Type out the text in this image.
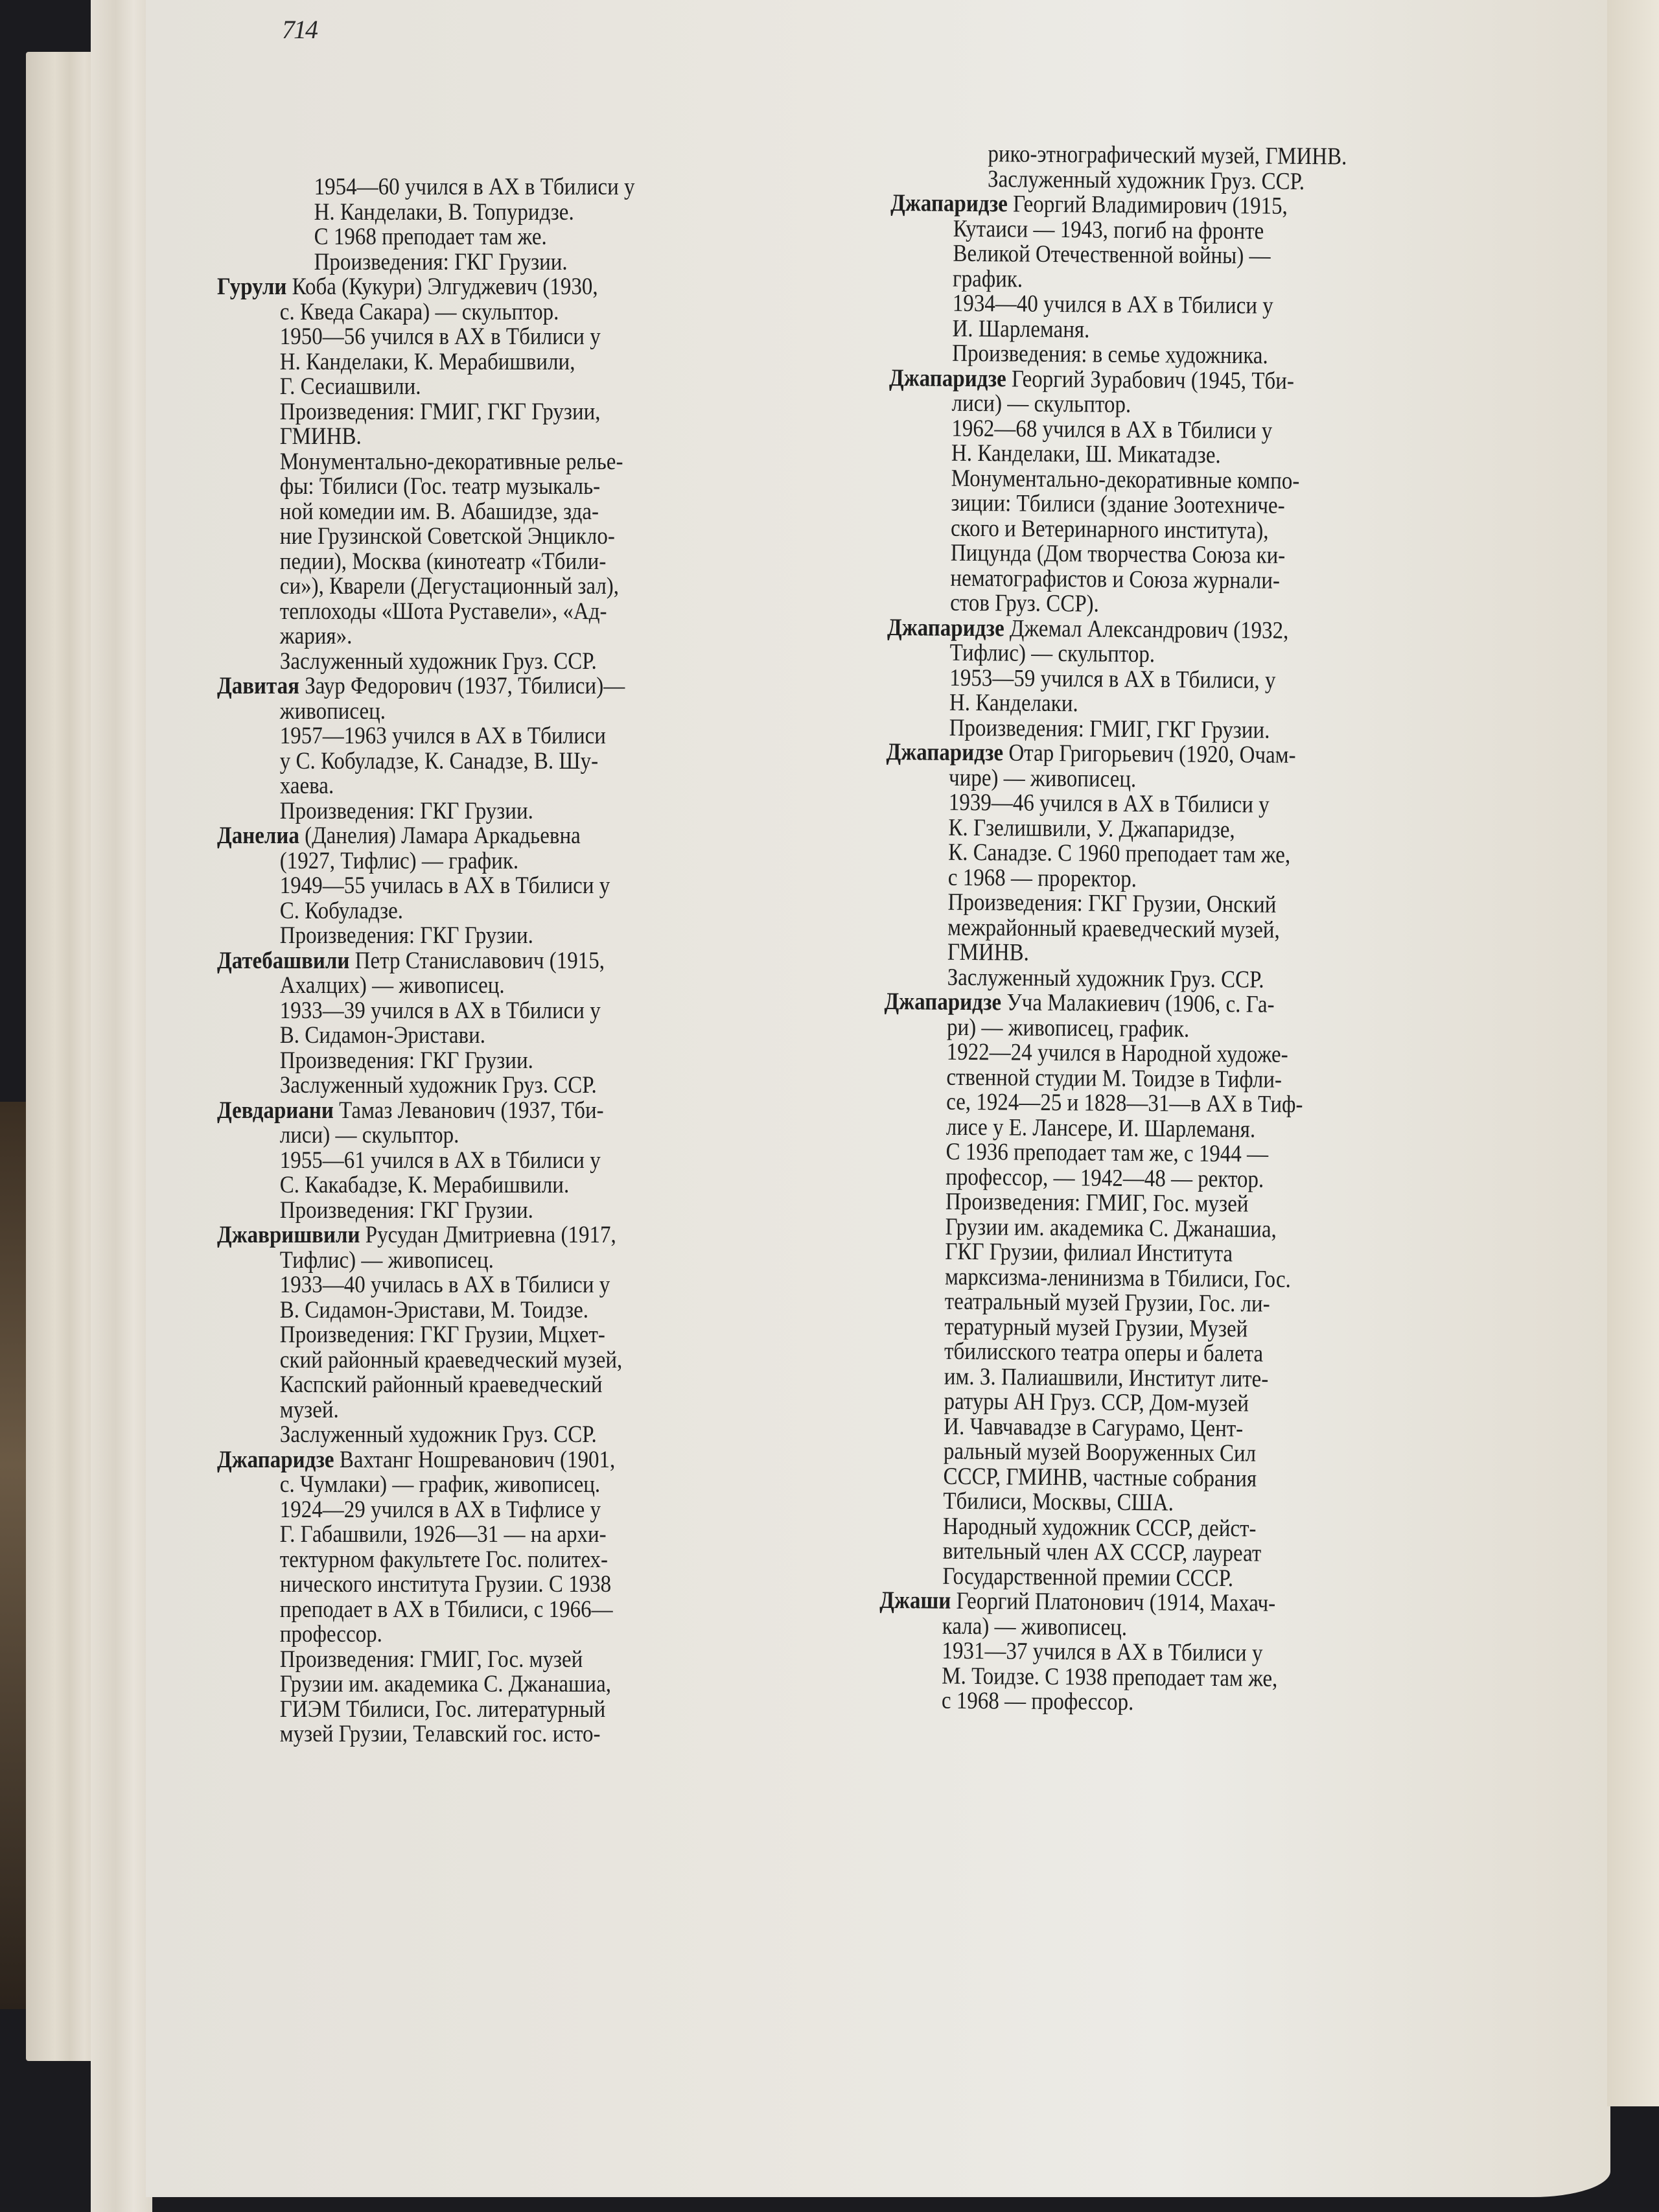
714
1954—60 учился в АХ в Тбилиси у
Н. Канделаки, В. Топуридзе.
С 1968 преподает там же.
Произведения: ГКГ Грузии.
Гурули Коба (Кукури) Элгуджевич (1930,
с. Кведа Сакара) — скульптор.
1950—56 учился в АХ в Тбилиси у
Н. Канделаки, К. Мерабишвили,
Г. Сесиашвили.
Произведения: ГМИГ, ГКГ Грузии,
ГМИНВ.
Монументально-декоративные релье-
фы: Тбилиси (Гос. театр музыкаль-
ной комедии им. В. Абашидзе, зда-
ние Грузинской Советской Энцикло-
педии), Москва (кинотеатр «Тбили-
си»), Кварели (Дегустационный зал),
теплоходы «Шота Руставели», «Ад-
жария».
Заслуженный художник Груз. ССР.
Давитая Заур Федорович (1937, Тбилиси)—
живописец.
1957—1963 учился в АХ в Тбилиси
у С. Кобуладзе, К. Санадзе, В. Шу-
хаева.
Произведения: ГКГ Грузии.
Данелиа (Данелия) Ламара Аркадьевна
(1927, Тифлис) — график.
1949—55 училась в АХ в Тбилиси у
С. Кобуладзе.
Произведения: ГКГ Грузии.
Датебашвили Петр Станиславович (1915,
Ахалцих) — живописец.
1933—39 учился в АХ в Тбилиси у
В. Сидамон-Эристави.
Произведения: ГКГ Грузии.
Заслуженный художник Груз. ССР.
Девдариани Тамаз Леванович (1937, Тби-
лиси) — скульптор.
1955—61 учился в АХ в Тбилиси у
С. Какабадзе, К. Мерабишвили.
Произведения: ГКГ Грузии.
Джавришвили Русудан Дмитриевна (1917,
Тифлис) — живописец.
1933—40 училась в АХ в Тбилиси у
В. Сидамон-Эристави, М. Тоидзе.
Произведения: ГКГ Грузии, Мцхет-
ский районный краеведческий музей,
Каспский районный краеведческий
музей.
Заслуженный художник Груз. ССР.
Джапаридзе Вахтанг Ношреванович (1901,
с. Чумлаки) — график, живописец.
1924—29 учился в АХ в Тифлисе у
Г. Габашвили, 1926—31 — на архи-
тектурном факультете Гос. политех-
нического института Грузии. С 1938
преподает в АХ в Тбилиси, с 1966—
профессор.
Произведения: ГМИГ, Гос. музей
Грузии им. академика С. Джанашиа,
ГИЭМ Тбилиси, Гос. литературный
музей Грузии, Телавский гос. исто-
рико-этнографический музей, ГМИНВ.
Заслуженный художник Груз. ССР.
Джапаридзе Георгий Владимирович (1915,
Кутаиси — 1943, погиб на фронте
Великой Отечественной войны) —
график.
1934—40 учился в АХ в Тбилиси у
И. Шарлеманя.
Произведения: в семье художника.
Джапаридзе Георгий Зурабович (1945, Тби-
лиси) — скульптор.
1962—68 учился в АХ в Тбилиси у
Н. Канделаки, Ш. Микатадзе.
Монументально-декоративные компо-
зиции: Тбилиси (здание Зоотехниче-
ского и Ветеринарного института),
Пицунда (Дом творчества Союза ки-
нематографистов и Союза журнали-
стов Груз. ССР).
Джапаридзе Джемал Александрович (1932,
Тифлис) — скульптор.
1953—59 учился в АХ в Тбилиси, у
Н. Канделаки.
Произведения: ГМИГ, ГКГ Грузии.
Джапаридзе Отар Григорьевич (1920, Очам-
чире) — живописец.
1939—46 учился в АХ в Тбилиси у
К. Гзелишвили, У. Джапаридзе,
К. Санадзе. С 1960 преподает там же,
с 1968 — проректор.
Произведения: ГКГ Грузии, Онский
межрайонный краеведческий музей,
ГМИНВ.
Заслуженный художник Груз. ССР.
Джапаридзе Уча Малакиевич (1906, с. Га-
ри) — живописец, график.
1922—24 учился в Народной художе-
ственной студии М. Тоидзе в Тифли-
се, 1924—25 и 1828—31—в АХ в Тиф-
лисе у Е. Лансере, И. Шарлеманя.
С 1936 преподает там же, с 1944 —
профессор, — 1942—48 — ректор.
Произведения: ГМИГ, Гос. музей
Грузии им. академика С. Джанашиа,
ГКГ Грузии, филиал Института
марксизма-ленинизма в Тбилиси, Гос.
театральный музей Грузии, Гос. ли-
тературный музей Грузии, Музей
тбилисского театра оперы и балета
им. З. Палиашвили, Институт лите-
ратуры АН Груз. ССР, Дом-музей
И. Чавчавадзе в Сагурамо, Цент-
ральный музей Вооруженных Сил
СССР, ГМИНВ, частные собрания
Тбилиси, Москвы, США.
Народный художник СССР, дейст-
вительный член АХ СССР, лауреат
Государственной премии СССР.
Джаши Георгий Платонович (1914, Махач-
кала) — живописец.
1931—37 учился в АХ в Тбилиси у
М. Тоидзе. С 1938 преподает там же,
с 1968 — профессор.
